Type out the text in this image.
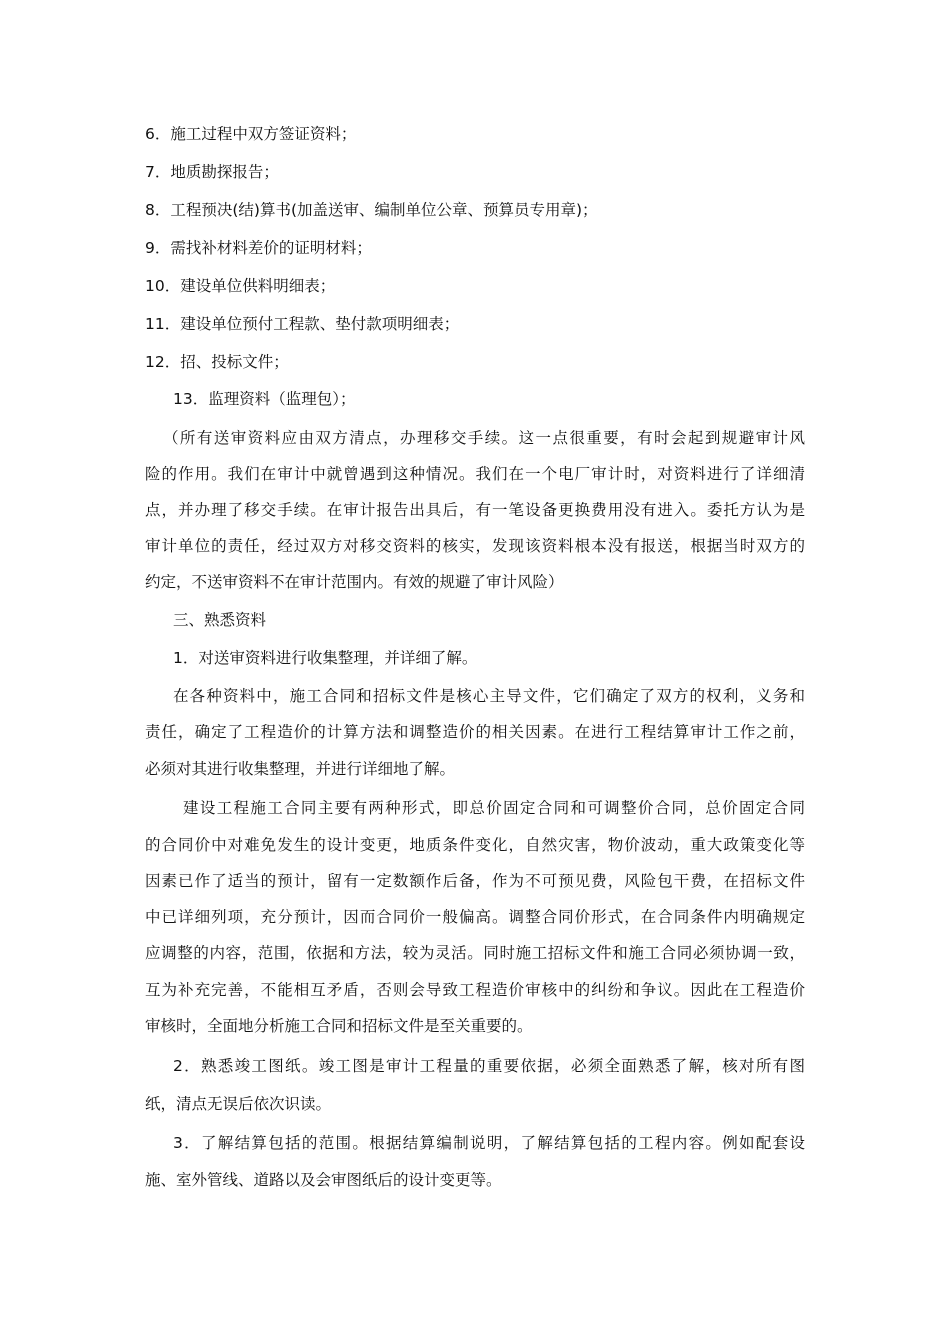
6．施工过程中双方签证资料；
7．地质勘探报告；
8．工程预决(结)算书(加盖送审、编制单位公章、预算员专用章)；
9．需找补材料差价的证明材料；
10．建设单位供料明细表；
11．建设单位预付工程款、垫付款项明细表；
12．招、投标文件；
13．监理资料（监理包）；
（所有送审资料应由双方清点，办理移交手续。这一点很重要，有时会起到规避审计风
险的作用。我们在审计中就曾遇到这种情况。我们在一个电厂审计时，对资料进行了详细清
点，并办理了移交手续。在审计报告出具后，有一笔设备更换费用没有进入。委托方认为是
审计单位的责任，经过双方对移交资料的核实，发现该资料根本没有报送，根据当时双方的
约定，不送审资料不在审计范围内。有效的规避了审计风险）
三、熟悉资料
1．对送审资料进行收集整理，并详细了解。
在各种资料中，施工合同和招标文件是核心主导文件，它们确定了双方的权利，义务和
责任，确定了工程造价的计算方法和调整造价的相关因素。在进行工程结算审计工作之前，
必须对其进行收集整理，并进行详细地了解。
建设工程施工合同主要有两种形式，即总价固定合同和可调整价合同，总价固定合同
的合同价中对难免发生的设计变更，地质条件变化，自然灾害，物价波动，重大政策变化等
因素已作了适当的预计，留有一定数额作后备，作为不可预见费，风险包干费，在招标文件
中已详细列项，充分预计，因而合同价一般偏高。调整合同价形式，在合同条件内明确规定
应调整的内容，范围，依据和方法，较为灵活。同时施工招标文件和施工合同必须协调一致，
互为补充完善，不能相互矛盾，否则会导致工程造价审核中的纠纷和争议。因此在工程造价
审核时，全面地分析施工合同和招标文件是至关重要的。
2．熟悉竣工图纸。竣工图是审计工程量的重要依据，必须全面熟悉了解，核对所有图
纸，清点无误后依次识读。
3．了解结算包括的范围。根据结算编制说明，了解结算包括的工程内容。例如配套设
施、室外管线、道路以及会审图纸后的设计变更等。
